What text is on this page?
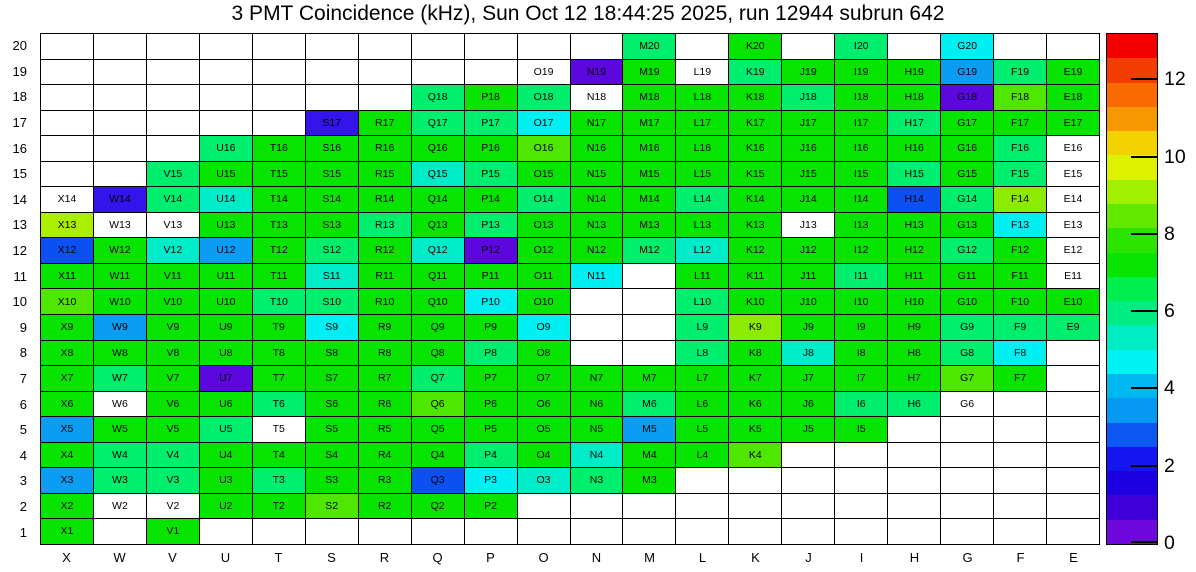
3 PMT Coincidence (kHz), Sun Oct 12 18:44:25 2025, run 12944 subrun 642
20
19
18
17
16
15
14
13
12
11
10
9
8
7
6
5
4
3
2
1
M20	K20	I20	G20
O19	N19	M19	L19	K19	J19	I19	H19	G19	F19	E19
Q18	P18	O18	N18	M18	L18	K18	J18	I18	H18	G18	F18	E18
S17	R17	Q17	P17	O17	N17	M17	L17	K17	J17	I17	H17	G17	F17	E17
U16	T16	S16	R16	Q16	P16	O16	N16	M16	L16	K16	J16	I16	H16	G16	F16	E16
V15	U15	T15	S15	R15	Q15	P15	O15	N15	M15	L15	K15	J15	I15	H15	G15	F15	E15
X14	W14	V14	U14	T14	S14	R14	Q14	P14	O14	N14	M14	L14	K14	J14	I14	H14	G14	F14	E14
X13	W13	V13	U13	T13	S13	R13	Q13	P13	O13	N13	M13	L13	K13	J13	I13	H13	G13	F13	E13
X12	W12	V12	U12	T12	S12	R12	Q12	P12	O12	N12	M12	L12	K12	J12	I12	H12	G12	F12	E12
X11	W11	V11	U11	T11	S11	R11	Q11	P11	O11	N11	L11	K11	J11	I11	H11	G11	F11	E11
X10	W10	V10	U10	T10	S10	R10	Q10	P10	O10	L10	K10	J10	I10	H10	G10	F10	E10
X9	W9	V9	U9	T9	S9	R9	Q9	P9	O9	L9	K9	J9	I9	H9	G9	F9	E9
X8	W8	V8	U8	T8	S8	R8	Q8	P8	O8	L8	K8	J8	I8	H8	G8	F8
X7	W7	V7	U7	T7	S7	R7	Q7	P7	O7	N7	M7	L7	K7	J7	I7	H7	G7	F7
X6	W6	V6	U6	T6	S6	R6	Q6	P6	O6	N6	M6	L6	K6	J6	I6	H6	G6
X5	W5	V5	U5	T5	S5	R5	Q5	P5	O5	N5	M5	L5	K5	J5	I5
X4	W4	V4	U4	T4	S4	R4	Q4	P4	O4	N4	M4	L4	K4
X3	W3	V3	U3	T3	S3	R3	Q3	P3	O3	N3	M3
X2	W2	V2	U2	T2	S2	R2	Q2	P2
X1	V1
X	W	V	U	T	S	R	Q	P	O	N	M	L	K	J	I	H	G	F	E
0
2
4
6
8
10
12
